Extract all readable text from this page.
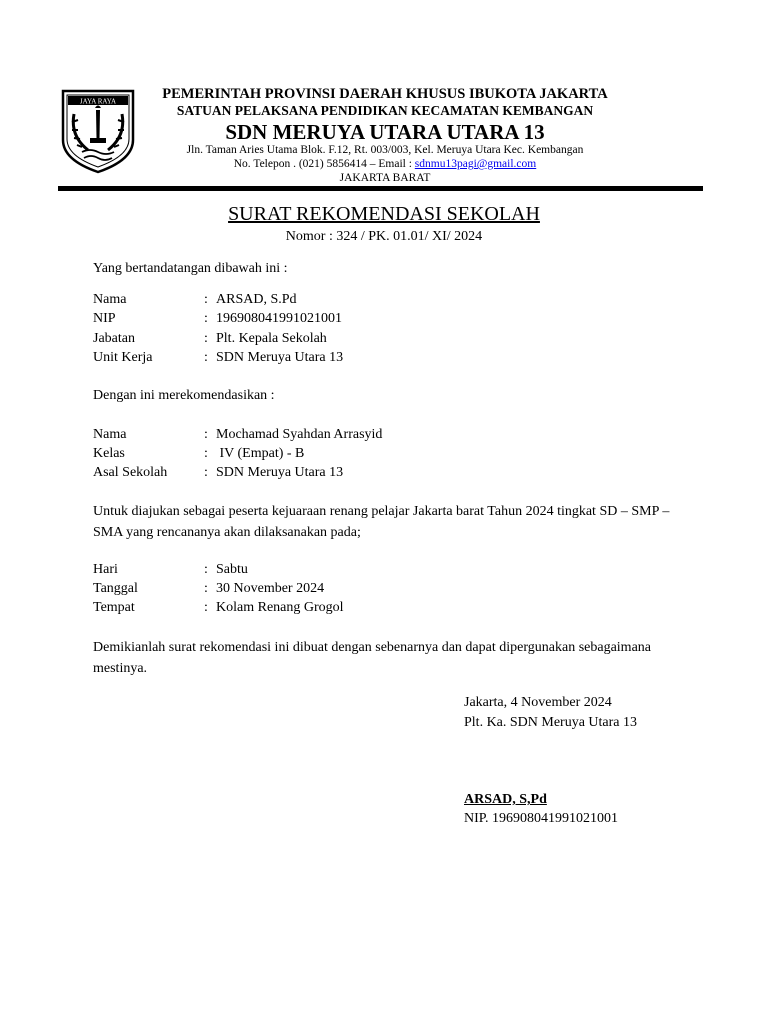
JAYA RAYA	PEMERINTAH PROVINSI DAERAH KHUSUS IBUKOTA JAKARTA
SATUAN PELAKSANA PENDIDIKAN KECAMATAN KEMBANGAN
SDN MERUYA UTARA UTARA 13
Jln. Taman Aries Utama Blok. F.12, Rt. 003/003, Kel. Meruya Utara Kec. Kembangan
No. Telepon . (021) 5856414 – Email : sdnmu13pagi@gmail.com
JAKARTA BARAT
SURAT REKOMENDASI SEKOLAH
Nomor : 324 / PK. 01.01/ XI/ 2024
Yang bertandatangan dibawah ini :
Nama	: ARSAD, S.Pd
NIP	: 196908041991021001
Jabatan	: Plt. Kepala Sekolah
Unit Kerja	: SDN Meruya Utara 13
Dengan ini merekomendasikan :
Nama	: Mochamad Syahdan Arrasyid
Kelas	: IV (Empat) - B
Asal Sekolah	: SDN Meruya Utara 13
Untuk diajukan sebagai peserta kejuaraan renang pelajar Jakarta barat Tahun 2024 tingkat SD – SMP – SMA yang rencananya akan dilaksanakan pada;
Hari	: Sabtu
Tanggal	: 30 November 2024
Tempat	: Kolam Renang Grogol
Demikianlah surat rekomendasi ini dibuat dengan sebenarnya dan dapat dipergunakan sebagaimana mestinya.
Jakarta, 4 November 2024
Plt. Ka. SDN Meruya Utara 13
ARSAD, S,Pd
NIP. 196908041991021001
